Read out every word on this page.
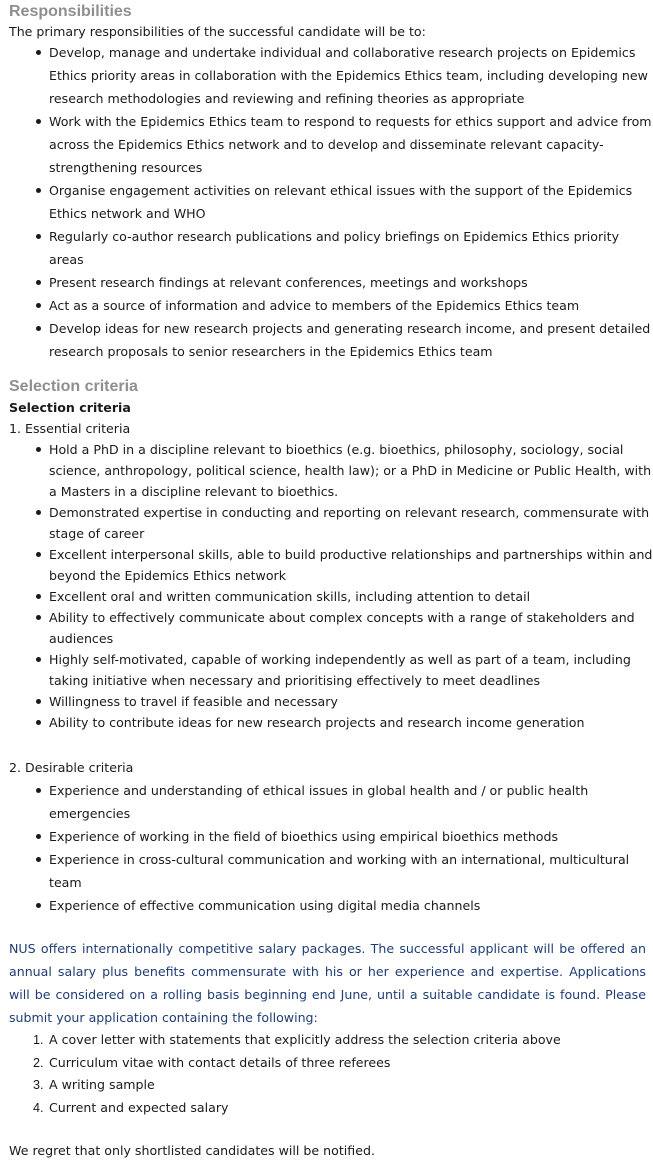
Responsibilities

The primary responsibilities of the successful candidate will be to:

Develop, manage and undertake individual and collaborative research projects on Epidemics Ethics priority areas in collaboration with the Epidemics Ethics team, including developing new research methodologies and reviewing and refining theories as appropriate
Work with the Epidemics Ethics team to respond to requests for ethics support and advice from across the Epidemics Ethics network and to develop and disseminate relevant capacity-strengthening resources
Organise engagement activities on relevant ethical issues with the support of the Epidemics Ethics network and WHO
Regularly co-author research publications and policy briefings on Epidemics Ethics priority areas
Present research findings at relevant conferences, meetings and workshops
Act as a source of information and advice to members of the Epidemics Ethics team
Develop ideas for new research projects and generating research income, and present detailed research proposals to senior researchers in the Epidemics Ethics team
Selection criteria

Selection criteria

1. Essential criteria

Hold a PhD in a discipline relevant to bioethics (e.g. bioethics, philosophy, sociology, social science, anthropology, political science, health law); or a PhD in Medicine or Public Health, with a Masters in a discipline relevant to bioethics.
Demonstrated expertise in conducting and reporting on relevant research, commensurate with stage of career
Excellent interpersonal skills, able to build productive relationships and partnerships within and beyond the Epidemics Ethics network
Excellent oral and written communication skills, including attention to detail
Ability to effectively communicate about complex concepts with a range of stakeholders and audiences
Highly self-motivated, capable of working independently as well as part of a team, including taking initiative when necessary and prioritising effectively to meet deadlines
Willingness to travel if feasible and necessary
Ability to contribute ideas for new research projects and research income generation

2. Desirable criteria

Experience and understanding of ethical issues in global health and / or public health emergencies
Experience of working in the field of bioethics using empirical bioethics methods
Experience in cross-cultural communication and working with an international, multicultural team
Experience of effective communication using digital media channels

NUS offers internationally competitive salary packages. The successful applicant will be offered an annual salary plus benefits commensurate with his or her experience and expertise. Applications will be considered on a rolling basis beginning end June, until a suitable candidate is found. Please submit your application containing the following:

1. A cover letter with statements that explicitly address the selection criteria above
2. Curriculum vitae with contact details of three referees
3. A writing sample
4. Current and expected salary

We regret that only shortlisted candidates will be notified.
